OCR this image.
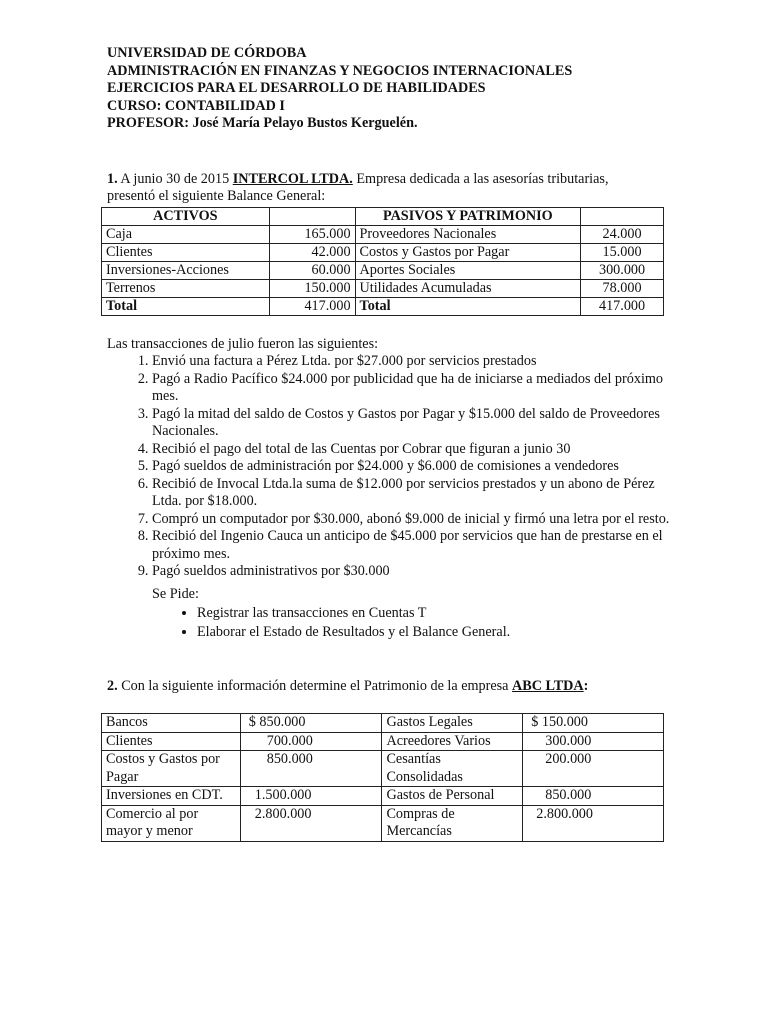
UNIVERSIDAD DE CÓRDOBA
ADMINISTRACIÓN EN FINANZAS Y NEGOCIOS INTERNACIONALES
EJERCICIOS PARA EL DESARROLLO DE HABILIDADES
CURSO: CONTABILIDAD I
PROFESOR: José María Pelayo Bustos Kerguelén.
1. A junio 30 de 2015 INTERCOL LTDA. Empresa dedicada a las asesorías tributarias,
presentó el siguiente Balance General:
ACTIVOS		PASIVOS Y PATRIMONIO	
Caja	165.000	Proveedores Nacionales	24.000
Clientes	42.000	Costos y Gastos por Pagar	15.000
Inversiones-Acciones	60.000	Aportes Sociales	300.000
Terrenos	150.000	Utilidades Acumuladas	78.000
Total	417.000	Total	417.000
Las transacciones de julio fueron las siguientes:
1. Envió una factura a Pérez Ltda. por $27.000 por servicios prestados
2. Pagó a Radio Pacífico $24.000 por publicidad que ha de iniciarse a mediados del próximo mes.
3. Pagó la mitad del saldo de Costos y Gastos por Pagar y $15.000 del saldo de Proveedores Nacionales.
4. Recibió el pago del total de las Cuentas por Cobrar que figuran a junio 30
5. Pagó sueldos de administración por $24.000 y $6.000 de comisiones a vendedores
6. Recibió de Invocal Ltda.la suma de $12.000 por servicios prestados y un abono de Pérez Ltda. por $18.000.
7. Compró un computador por $30.000, abonó $9.000 de inicial y firmó una letra por el resto.
8. Recibió del Ingenio Cauca un anticipo de $45.000 por servicios que han de prestarse en el próximo mes.
9. Pagó sueldos administrativos por $30.000
Se Pide:
• Registrar las transacciones en Cuentas T
• Elaborar el Estado de Resultados y el Balance General.
2. Con la siguiente información determine el Patrimonio de la empresa ABC LTDA:
Bancos	$ 850.000	Gastos Legales	$ 150.000
Clientes	700.000	Acreedores Varios	300.000
Costos y Gastos por Pagar	850.000	Cesantías Consolidadas	200.000
Inversiones en CDT.	1.500.000	Gastos de Personal	850.000
Comercio al por mayor y menor	2.800.000	Compras de Mercancías	2.800.000
